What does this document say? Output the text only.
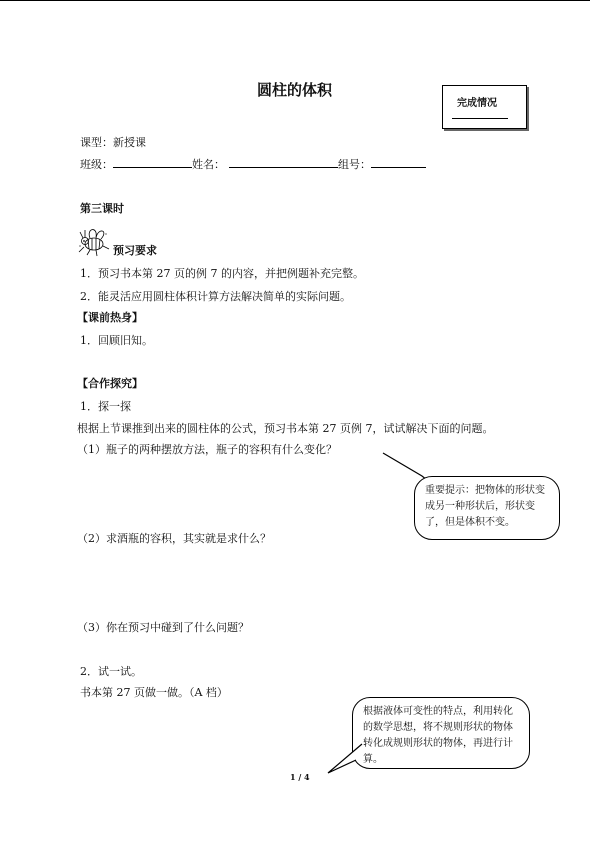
圆柱的体积
完成情况
课型：新授课
班级：	姓名：	组号：
第三课时
预习要求
1．预习书本第 27 页的例 7 的内容，并把例题补充完整。
2．能灵活应用圆柱体积计算方法解决简单的实际问题。
【课前热身】
1．回顾旧知。
【合作探究】
1．探一探
根据上节课推到出来的圆柱体的公式，预习书本第 27 页例 7，试试解决下面的问题。
（1）瓶子的两种摆放方法，瓶子的容积有什么变化？
重要提示：把物体的形状变成另一种形状后，形状变了，但是体积不变。
（2）求酒瓶的容积，其实就是求什么？
（3）你在预习中碰到了什么问题？
2．试一试。
书本第 27 页做一做。（A 档）
根据液体可变性的特点，利用转化的数学思想，将不规则形状的物体转化成规则形状的物体，再进行计算。
1 / 4
